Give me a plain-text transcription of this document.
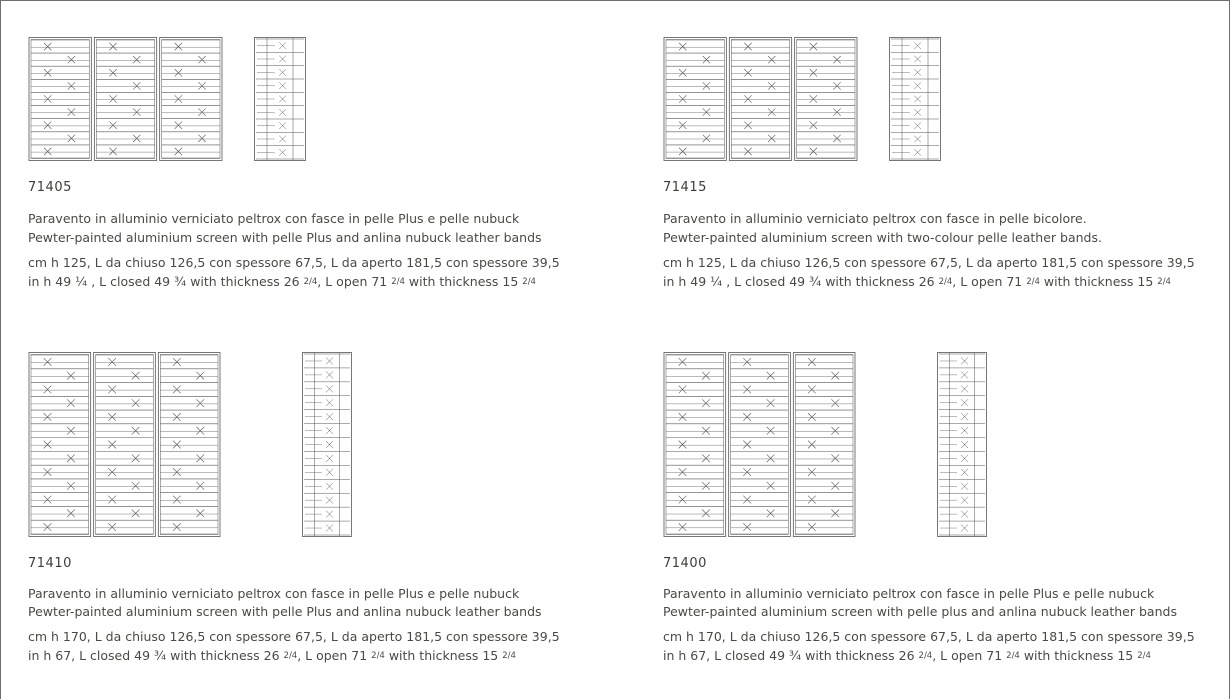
71405
Paravento in alluminio verniciato peltrox con fasce in pelle Plus e pelle nubuck
Pewter-painted aluminium screen with pelle Plus and anlina nubuck leather bands
cm h 125, L da chiuso 126,5 con spessore 67,5, L da aperto 181,5 con spessore 39,5
in h 49 ¼ , L closed 49 ¾ with thickness 26 2/4, L open 71 2/4 with thickness 15 2/4
71415
Paravento in alluminio verniciato peltrox con fasce in pelle bicolore.
Pewter-painted aluminium screen with two-colour pelle leather bands.
cm h 125, L da chiuso 126,5 con spessore 67,5, L da aperto 181,5 con spessore 39,5
in h 49 ¼ , L closed 49 ¾ with thickness 26 2/4, L open 71 2/4 with thickness 15 2/4
71410
Paravento in alluminio verniciato peltrox con fasce in pelle Plus e pelle nubuck
Pewter-painted aluminium screen with pelle Plus and anlina nubuck leather bands
cm h 170, L da chiuso 126,5 con spessore 67,5, L da aperto 181,5 con spessore 39,5
in h 67, L closed 49 ¾ with thickness 26 2/4, L open 71 2/4 with thickness 15 2/4
71400
Paravento in alluminio verniciato peltrox con fasce in pelle Plus e pelle nubuck
Pewter-painted aluminium screen with pelle plus and anlina nubuck leather bands
cm h 170, L da chiuso 126,5 con spessore 67,5, L da aperto 181,5 con spessore 39,5
in h 67, L closed 49 ¾ with thickness 26 2/4, L open 71 2/4 with thickness 15 2/4
